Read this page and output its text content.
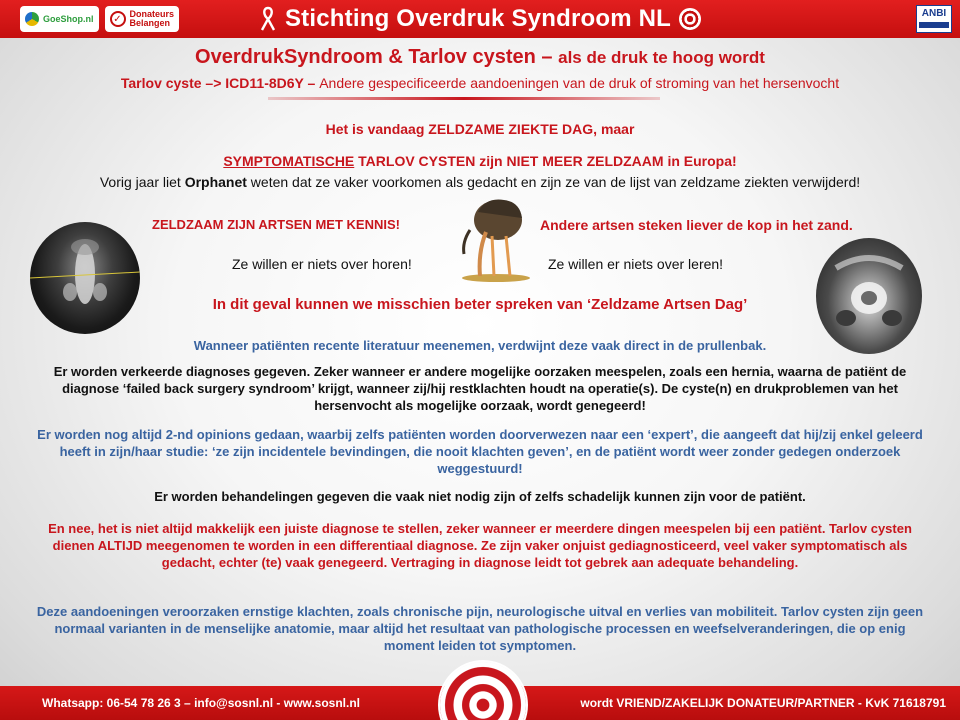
GoeShop.nl	✓ Donateurs
Belangen	Stichting Overdruk Syndroom NL	ANBI
OverdrukSyndroom & Tarlov cysten – als de druk te hoog wordt
Tarlov cyste –> ICD11-8D6Y – Andere gespecificeerde aandoeningen van de druk of stroming van het hersenvocht
Het is vandaag ZELDZAME ZIEKTE DAG, maar
SYMPTOMATISCHE TARLOV CYSTEN zijn NIET MEER ZELDZAAM in Europa!
Vorig jaar liet Orphanet weten dat ze vaker voorkomen als gedacht en zijn ze van de lijst van zeldzame ziekten verwijderd!
ZELDZAAM ZIJN ARTSEN MET KENNIS!	Andere artsen steken liever de kop in het zand.
Ze willen er niets over horen!	Ze willen er niets over leren!
In dit geval kunnen we misschien beter spreken van ‘Zeldzame Artsen Dag’
Wanneer patiënten recente literatuur meenemen, verdwijnt deze vaak direct in de prullenbak.
Er worden verkeerde diagnoses gegeven. Zeker wanneer er andere mogelijke oorzaken meespelen, zoals een hernia, waarna de patiënt de diagnose ‘failed back surgery syndroom’ krijgt, wanneer zij/hij restklachten houdt na operatie(s). De cyste(n) en drukproblemen van het hersenvocht als mogelijke oorzaak, wordt genegeerd!
Er worden nog altijd 2-nd opinions gedaan, waarbij zelfs patiënten worden doorverwezen naar een ‘expert’, die aangeeft dat hij/zij enkel geleerd heeft in zijn/haar studie: ‘ze zijn incidentele bevindingen, die nooit klachten geven’, en de patiënt wordt weer zonder gedegen onderzoek weggestuurd!
Er worden behandelingen gegeven die vaak niet nodig zijn of zelfs schadelijk kunnen zijn voor de patiënt.
En nee, het is niet altijd makkelijk een juiste diagnose te stellen, zeker wanneer er meerdere dingen meespelen bij een patiënt. Tarlov cysten dienen ALTIJD meegenomen te worden in een differentiaal diagnose. Ze zijn vaker onjuist gediagnosticeerd, veel vaker symptomatisch als gedacht, echter (te) vaak genegeerd. Vertraging in diagnose leidt tot gebrek aan adequate behandeling.
Deze aandoeningen veroorzaken ernstige klachten, zoals chronische pijn, neurologische uitval en verlies van mobiliteit. Tarlov cysten zijn geen normaal varianten in de menselijke anatomie, maar altijd het resultaat van pathologische processen en weefselveranderingen, die op enig moment leiden tot symptomen.
Whatsapp: 06-54 78 26 3 – info@sosnl.nl - www.sosnl.nl	wordt VRIEND/ZAKELIJK DONATEUR/PARTNER - KvK 71618791
